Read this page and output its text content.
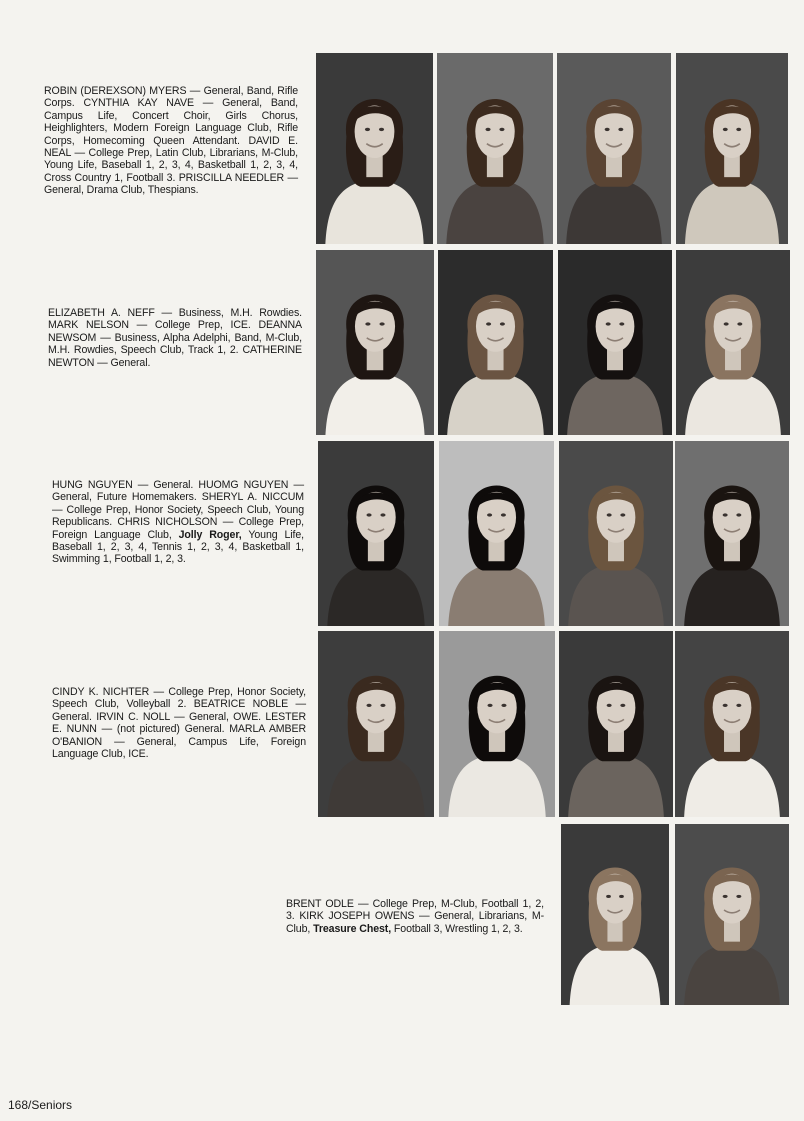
ROBIN (DEREXSON) MYERS — General, Band, Rifle Corps. CYNTHIA KAY NAVE — General, Band, Campus Life, Concert Choir, Girls Chorus, Heighlighters, Modern Foreign Language Club, Rifle Corps, Homecoming Queen Attendant. DAVID E. NEAL — College Prep, Latin Club, Librarians, M-Club, Young Life, Baseball 1, 2, 3, 4, Basketball 1, 2, 3, 4, Cross Country 1, Football 3. PRISCILLA NEEDLER — General, Drama Club, Thespians.
ELIZABETH A. NEFF — Business, M.H. Rowdies. MARK NELSON — College Prep, ICE. DEANNA NEWSOM — Business, Alpha Adelphi, Band, M-Club, M.H. Rowdies, Speech Club, Track 1, 2. CATHERINE NEWTON — General.
HUNG NGUYEN — General. HUOMG NGUYEN — General, Future Homemakers. SHERYL A. NICCUM — College Prep, Honor Society, Speech Club, Young Republicans. CHRIS NICHOLSON — College Prep, Foreign Language Club, Jolly Roger, Young Life, Baseball 1, 2, 3, 4, Tennis 1, 2, 3, 4, Basketball 1, Swimming 1, Football 1, 2, 3.
CINDY K. NICHTER — College Prep, Honor Society, Speech Club, Volleyball 2. BEATRICE NOBLE — General. IRVIN C. NOLL — General, OWE. LESTER E. NUNN — (not pictured) General. MARLA AMBER O'BANION — General, Campus Life, Foreign Language Club, ICE.
BRENT ODLE — College Prep, M-Club, Football 1, 2, 3. KIRK JOSEPH OWENS — General, Librarians, M-Club, Treasure Chest, Football 3, Wrestling 1, 2, 3.
168/Seniors
